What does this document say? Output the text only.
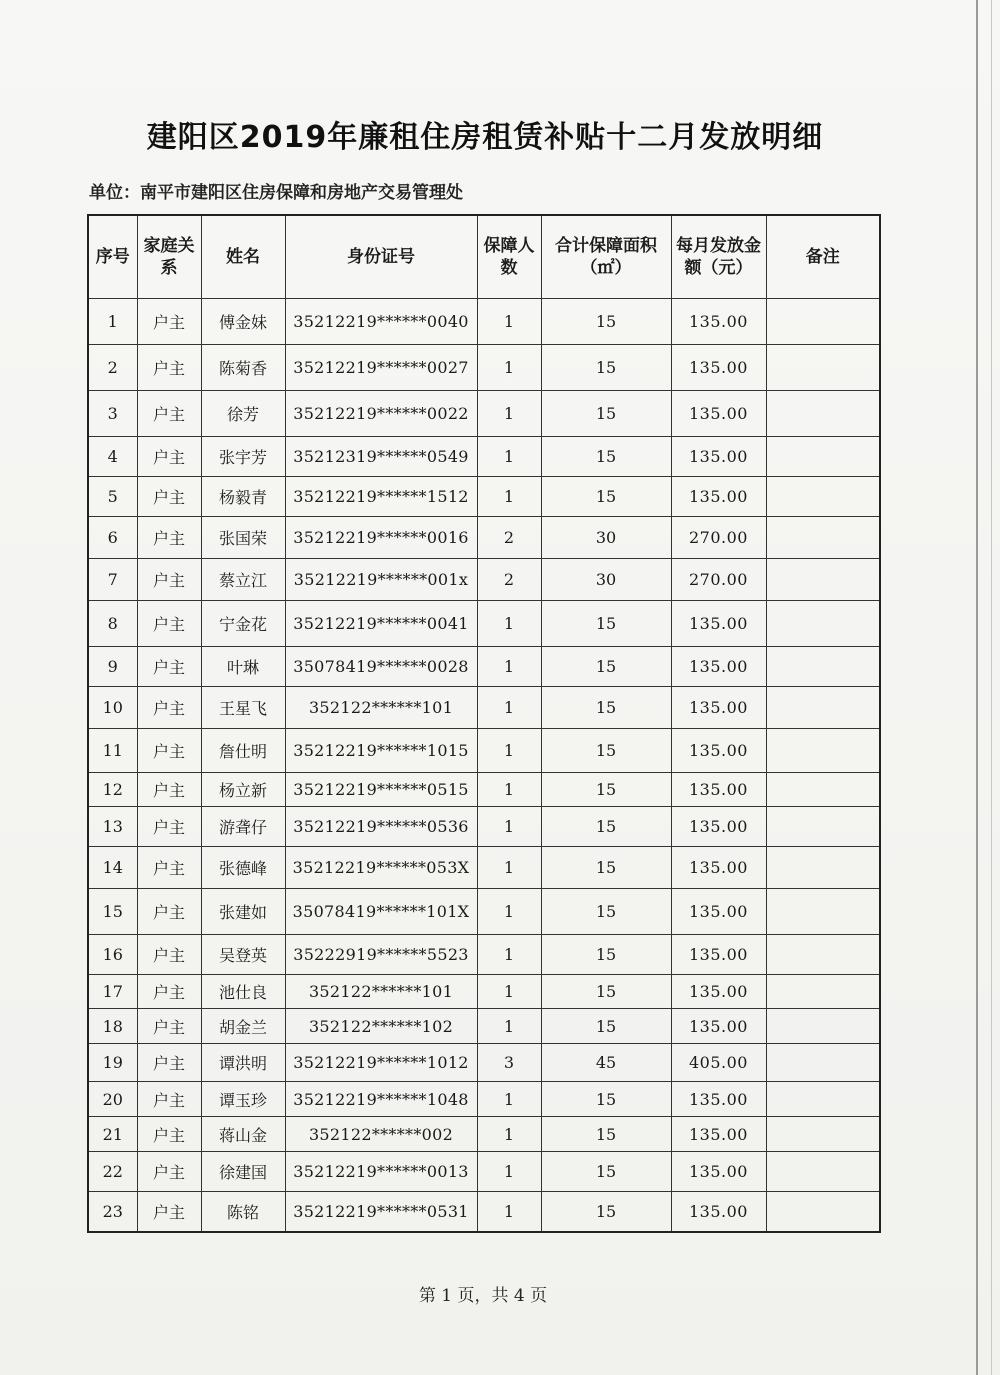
建阳区2019年廉租住房租赁补贴十二月发放明细
单位：南平市建阳区住房保障和房地产交易管理处
序号	家庭关系	姓名	身份证号	保障人数	合计保障面积（㎡）	每月发放金额（元）	备注
1	户主	傅金妹	35212219******0040	1	15	135.00	
2	户主	陈菊香	35212219******0027	1	15	135.00	
3	户主	徐芳	35212219******0022	1	15	135.00	
4	户主	张宇芳	35212319******0549	1	15	135.00	
5	户主	杨毅青	35212219******1512	1	15	135.00	
6	户主	张国荣	35212219******0016	2	30	270.00	
7	户主	蔡立江	35212219******001x	2	30	270.00	
8	户主	宁金花	35212219******0041	1	15	135.00	
9	户主	叶琳	35078419******0028	1	15	135.00	
10	户主	王星飞	352122******101	1	15	135.00	
11	户主	詹仕明	35212219******1015	1	15	135.00	
12	户主	杨立新	35212219******0515	1	15	135.00	
13	户主	游聋仔	35212219******0536	1	15	135.00	
14	户主	张德峰	35212219******053X	1	15	135.00	
15	户主	张建如	35078419******101X	1	15	135.00	
16	户主	吴登英	35222919******5523	1	15	135.00	
17	户主	池仕良	352122******101	1	15	135.00	
18	户主	胡金兰	352122******102	1	15	135.00	
19	户主	谭洪明	35212219******1012	3	45	405.00	
20	户主	谭玉珍	35212219******1048	1	15	135.00	
21	户主	蒋山金	352122******002	1	15	135.00	
22	户主	徐建国	35212219******0013	1	15	135.00	
23	户主	陈铭	35212219******0531	1	15	135.00	
第 1 页，共 4 页
